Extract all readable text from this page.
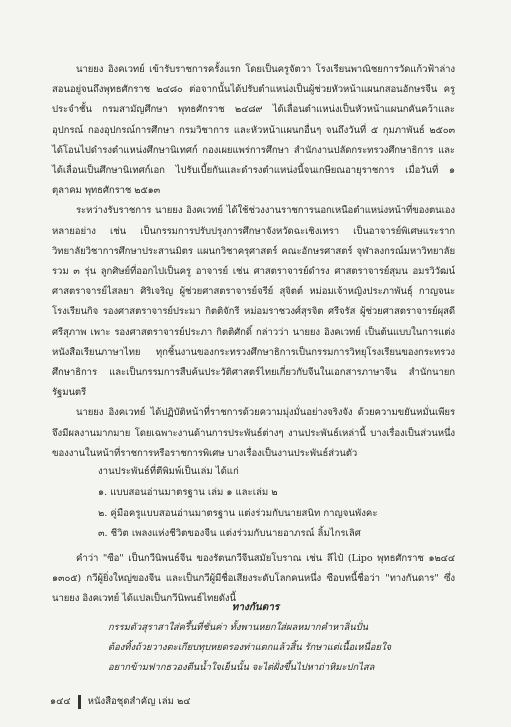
นายยง อิงคเวทย์ เข้ารับราชการครั้งแรก โดยเป็นครูจัตวา โรงเรียนพาณิชยการวัดแก้วฟ้าล่าง สอนอยู่จนถึงพุทธศักราช ๒๔๘๐ ต่อจากนั้นได้ปรับตำแหน่งเป็นผู้ช่วยหัวหน้าแผนกสอนอักษรจีน ครูประจำชั้น กรมสามัญศึกษา พุทธศักราช ๒๔๘๙ ได้เลื่อนตำแหน่งเป็นหัวหน้าแผนกคันคว้าและอุปกรณ์ กองอุปกรณ์การศึกษา กรมวิชาการ และหัวหน้าแผนกอื่นๆ จนถึงวันที่ ๕ กุมภาพันธ์ ๒๕๐๓ ได้โอนไปดำรงตำแหน่งศึกษานิเทศก์ กองเผยแพร่การศึกษา สำนักงานปลัดกระทรวงศึกษาธิการ และได้เลื่อนเป็นศึกษานิเทศก์เอก ไปรับเบี้ยกันและดำรงตำแหน่งนี้จนเกษียณอายุราชการ เมื่อวันที่ ๑ ตุลาคม พุทธศักราช ๒๕๑๓

ระหว่างรับราชการ นายยง อิงคเวทย์ ได้ใช้ช่วงงานราชการนอกเหนือตำแหน่งหน้าที่ของตนเองหลายอย่าง เช่น เป็นกรรมการปรับปรุงการศึกษาจังหวัดฉะเชิงเทรา เป็นอาจารย์พิเศษแระราก วิทยาลัยวิชาการศึกษาประสานมิตร แผนกวิชาครุศาสตร์ คณะอักษรศาสตร์ จุฬาลงกรณ์มหาวิทยาลัย รวม ๓ รุ่น ลูกศิษย์ที่ออกไปเป็นครู อาจารย์ เช่น ศาสตราจารย์ดำรง ศาสตราจารย์สุมน อมรวิวัฒน์ ศาสตราจารย์ไสลยา ศิริเจริญ ผู้ช่วยศาสตราจารย์จรีย์ สุจิตต์ หม่อมเจ้าหญิงประภาพันธุ์ กาญจนะ โรงเรียนกิจ รองศาสตราจารย์ประมา กิตติจักรี หม่อมราชวงศ์สุรจิต ศรีจรัส ผู้ช่วยศาสตราจารย์ผุสดี ศรีสุภาพ เพาะ รองศาสตราจารย์ประภา กิตติศักดิ์ กล่าวว่า นายยง อิงคเวทย์ เป็นต้นแบบในการแต่งหนังสือเรียนภาษาไทย ทุกชิ้นงานของกระทรวงศึกษาธิการเป็นกรรมการวิทยุโรงเรียนของกระทรวงศึกษาธิการ และเป็นกรรมการสืบค้นประวัติศาสตร์ไทยเกี่ยวกับจีนในเอกสารภาษาจีน สำนักนายกรัฐมนตรี

นายยง อิงคเวทย์ ได้ปฏิบัติหน้าที่ราชการด้วยความมุ่งมั่นอย่างจริงจัง ด้วยความขยันหมั่นเพียร จึงมีผลงานมากมาย โดยเฉพาะงานด้านการประพันธ์ต่างๆ งานประพันธ์เหล่านี้ บางเรื่องเป็นส่วนหนึ่งของงานในหน้าที่ราชการหรือราชการพิเศษ บางเรื่องเป็นงานประพันธ์ส่วนตัว

งานประพันธ์ที่ตีพิมพ์เป็นเล่ม ได้แก่

๑. แบบสอนอ่านมาตรฐาน เล่ม ๑ และเล่ม ๒
๒. คู่มือครูแบบสอนอ่านมาตรฐาน แต่งร่วมกับนายสนิท กาญจนพังคะ
๓. ชีวิต เพลงแห่งชีวิตของจีน แต่งร่วมกับนายอาภรณ์ ลิ้มไกรเลิศ

คำว่า "ซือ" เป็นกวีนิพนธ์จีน ของรัตนกวีจีนสมัยโบราณ เช่น ลีไป๋ (Lipo พุทธศักราช ๑๒๔๔ ๑๓๐๕) กวีผู้ยิ่งใหญ่ของจีน และเป็นกวีผู้มีชื่อเสียงระดับโลกคนหนึ่ง ซือบทนี้ชื่อว่า "ทางกันดาร" ซึ่งนายยง อิงคเวทย์ ได้แปลเป็นกวีนิพนธ์ไทยดังนี้

ทางกันดาร

กรรมตัวสุราสาใส่ครึ้นที่ชั่นค่า ทั้งพานหยกใส่ผลหมากคำหาลิ่นปั่น
ต้องทิ้งถ้วยวางตะเกียบทุบหยดรองท่าแตกแล้วสิ้น รักษาแต่เนื้อเหนื่อยใจ
อยากข้ามฟากธวองตีนน้ำใจเย็นนั้น จะไต่ฝั่งขึ้นไปหาถ่าหิมะปกไสล
๑๔๔ หนังสือชุดสำคัญ เล่ม ๒๔
